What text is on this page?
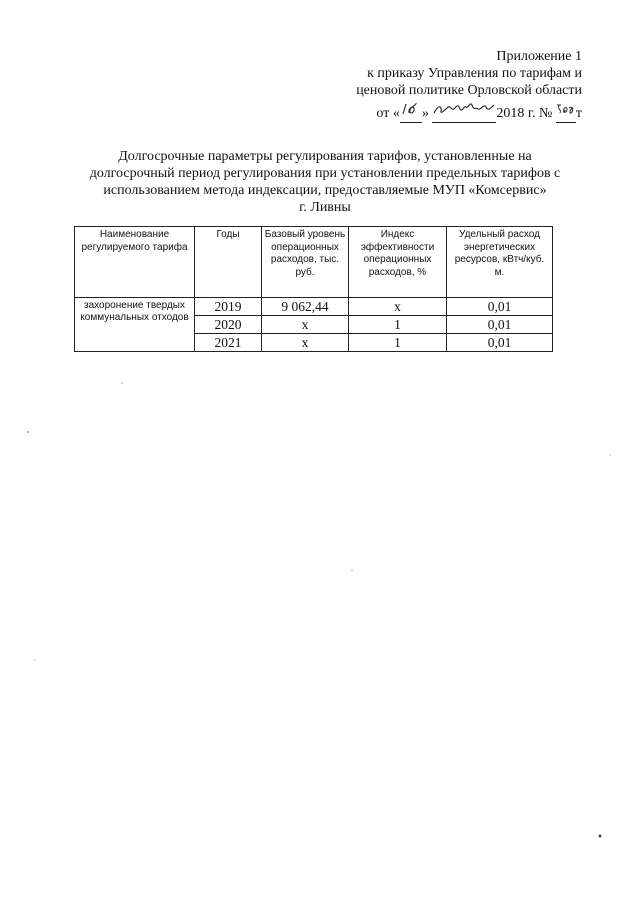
Приложение 1
к приказу Управления по тарифам и
ценовой политике Орловской области
от « »	2018 г. № т
Долгосрочные параметры регулирования тарифов, установленные на
долгосрочный период регулирования при установлении предельных тарифов с
использованием метода индексации, предоставляемые МУП «Комсервис»
г. Ливны
Наименование регулируемого тарифа	Годы	Базовый уровень операционных расходов, тыс. руб.	Индекс эффективности операционных расходов, %	Удельный расход энергетических ресурсов, кВтч/куб. м.
захоронение твердых коммунальных отходов	2019	9 062,44	х	0,01
	2020	х	1	0,01
	2021	х	1	0,01
